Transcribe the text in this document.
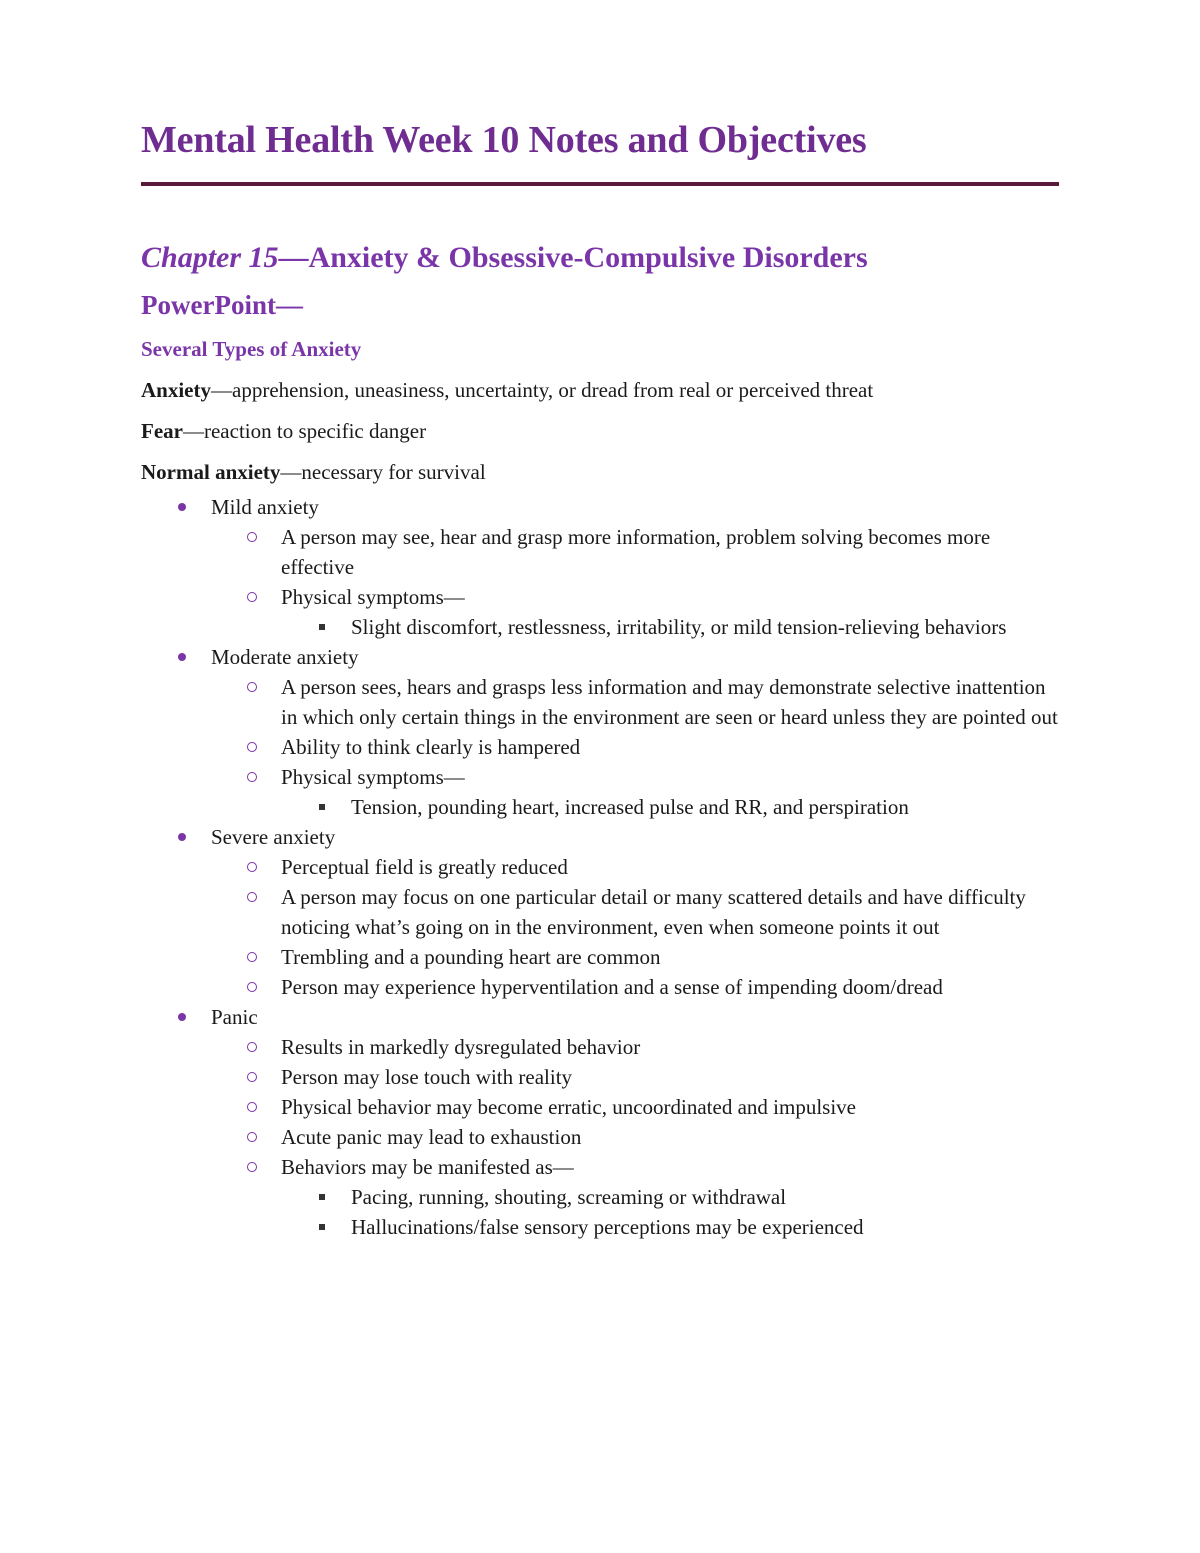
Mental Health Week 10 Notes and Objectives
Chapter 15—Anxiety & Obsessive-Compulsive Disorders
PowerPoint—
Several Types of Anxiety

Anxiety—apprehension, uneasiness, uncertainty, or dread from real or perceived threat

Fear—reaction to specific danger

Normal anxiety—necessary for survival

Mild anxiety
A person may see, hear and grasp more information, problem solving becomes more effective
Physical symptoms—
Slight discomfort, restlessness, irritability, or mild tension-relieving behaviors
Moderate anxiety
A person sees, hears and grasps less information and may demonstrate selective inattention in which only certain things in the environment are seen or heard unless they are pointed out
Ability to think clearly is hampered
Physical symptoms—
Tension, pounding heart, increased pulse and RR, and perspiration
Severe anxiety
Perceptual field is greatly reduced
A person may focus on one particular detail or many scattered details and have difficulty noticing what’s going on in the environment, even when someone points it out
Trembling and a pounding heart are common
Person may experience hyperventilation and a sense of impending doom/dread
Panic
Results in markedly dysregulated behavior
Person may lose touch with reality
Physical behavior may become erratic, uncoordinated and impulsive
Acute panic may lead to exhaustion
Behaviors may be manifested as—
Pacing, running, shouting, screaming or withdrawal
Hallucinations/false sensory perceptions may be experienced
